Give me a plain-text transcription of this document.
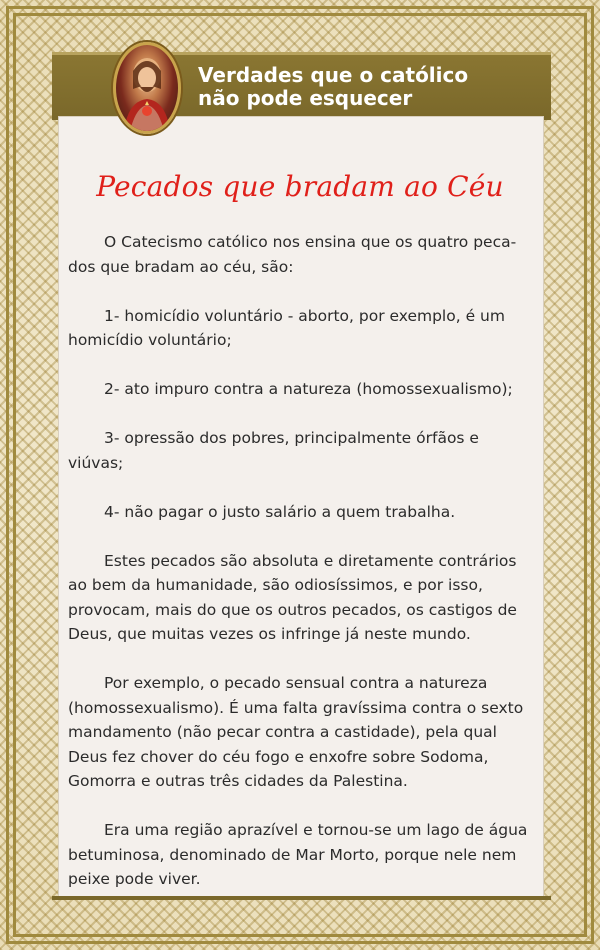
Verdades que o católico
não pode esquecer
Pecados que bradam ao Céu

O Catecismo católico nos ensina que os quatro peca-dos que bradam ao céu, são:

1- homicídio voluntário - aborto, por exemplo, é um homicídio voluntário;

2- ato impuro contra a natureza (homossexualismo);

3- opressão dos pobres, principalmente órfãos e viúvas;

4- não pagar o justo salário a quem trabalha.

Estes pecados são absoluta e diretamente contrários ao bem da humanidade, são odiosíssimos, e por isso, provocam, mais do que os outros pecados, os castigos de Deus, que muitas vezes os infringe já neste mundo.

Por exemplo, o pecado sensual contra a natureza (homossexualismo). É uma falta gravíssima contra o sexto mandamento (não pecar contra a castidade), pela qual Deus fez chover do céu fogo e enxofre sobre Sodoma, Gomorra e outras três cidades da Palestina.

Era uma região aprazível e tornou-se um lago de água betuminosa, denominado de Mar Morto, porque nele nem peixe pode viver.
